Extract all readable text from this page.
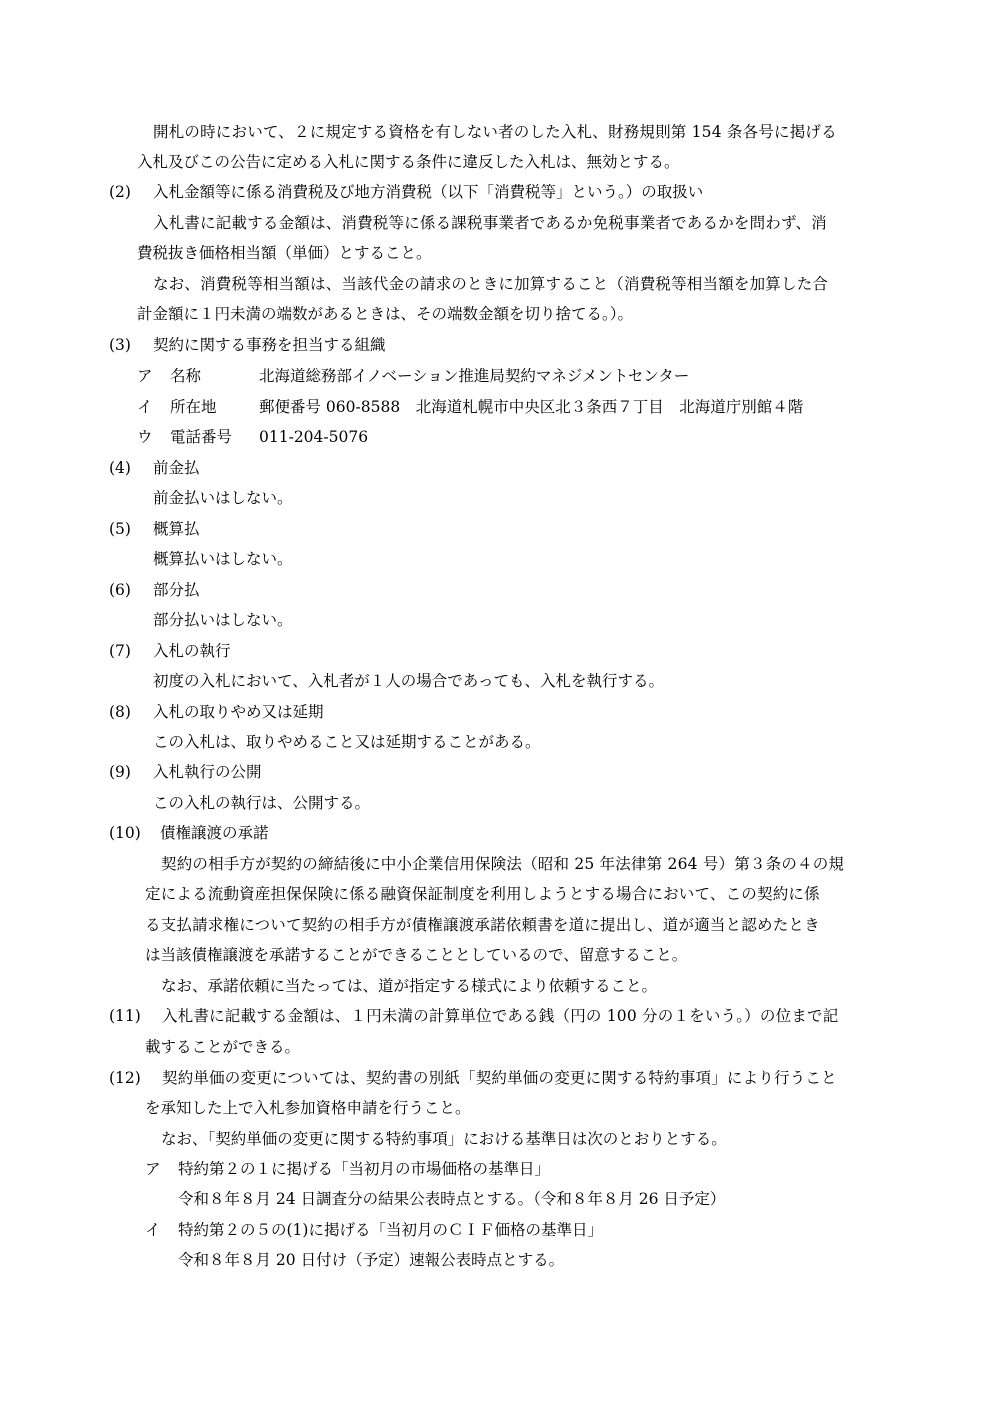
開札の時において、２に規定する資格を有しない者のした入札、財務規則第 154 条各号に掲げる
入札及びこの公告に定める入札に関する条件に違反した入札は、無効とする。
(2) 入札金額等に係る消費税及び地方消費税（以下「消費税等」という。）の取扱い
入札書に記載する金額は、消費税等に係る課税事業者であるか免税事業者であるかを問わず、消
費税抜き価格相当額（単価）とすること。
なお、消費税等相当額は、当該代金の請求のときに加算すること（消費税等相当額を加算した合
計金額に１円未満の端数があるときは、その端数金額を切り捨てる。）。
(3) 契約に関する事務を担当する組織
ア 名称	北海道総務部イノベーション推進局契約マネジメントセンター
イ 所在地	郵便番号 060-8588　北海道札幌市中央区北３条西７丁目　北海道庁別館４階
ウ 電話番号 011-204-5076
(4) 前金払
前金払いはしない。
(5) 概算払
概算払いはしない。
(6) 部分払
部分払いはしない。
(7) 入札の執行
初度の入札において、入札者が１人の場合であっても、入札を執行する。
(8) 入札の取りやめ又は延期
この入札は、取りやめること又は延期することがある。
(9) 入札執行の公開
この入札の執行は、公開する。
(10) 債権譲渡の承諾
契約の相手方が契約の締結後に中小企業信用保険法（昭和 25 年法律第 264 号）第３条の４の規
定による流動資産担保保険に係る融資保証制度を利用しようとする場合において、この契約に係
る支払請求権について契約の相手方が債権譲渡承諾依頼書を道に提出し、道が適当と認めたとき
は当該債権譲渡を承諾することができることとしているので、留意すること。
なお、承諾依頼に当たっては、道が指定する様式により依頼すること。
(11) 入札書に記載する金額は、１円未満の計算単位である銭（円の 100 分の１をいう。）の位まで記
載することができる。
(12) 契約単価の変更については、契約書の別紙「契約単価の変更に関する特約事項」により行うこと
を承知した上で入札参加資格申請を行うこと。
なお、「契約単価の変更に関する特約事項」における基準日は次のとおりとする。
ア 特約第２の１に掲げる「当初月の市場価格の基準日」
令和８年８月 24 日調査分の結果公表時点とする。（令和８年８月 26 日予定）
イ 特約第２の５の(1)に掲げる「当初月のＣＩＦ価格の基準日」
令和８年８月 20 日付け（予定）速報公表時点とする。
